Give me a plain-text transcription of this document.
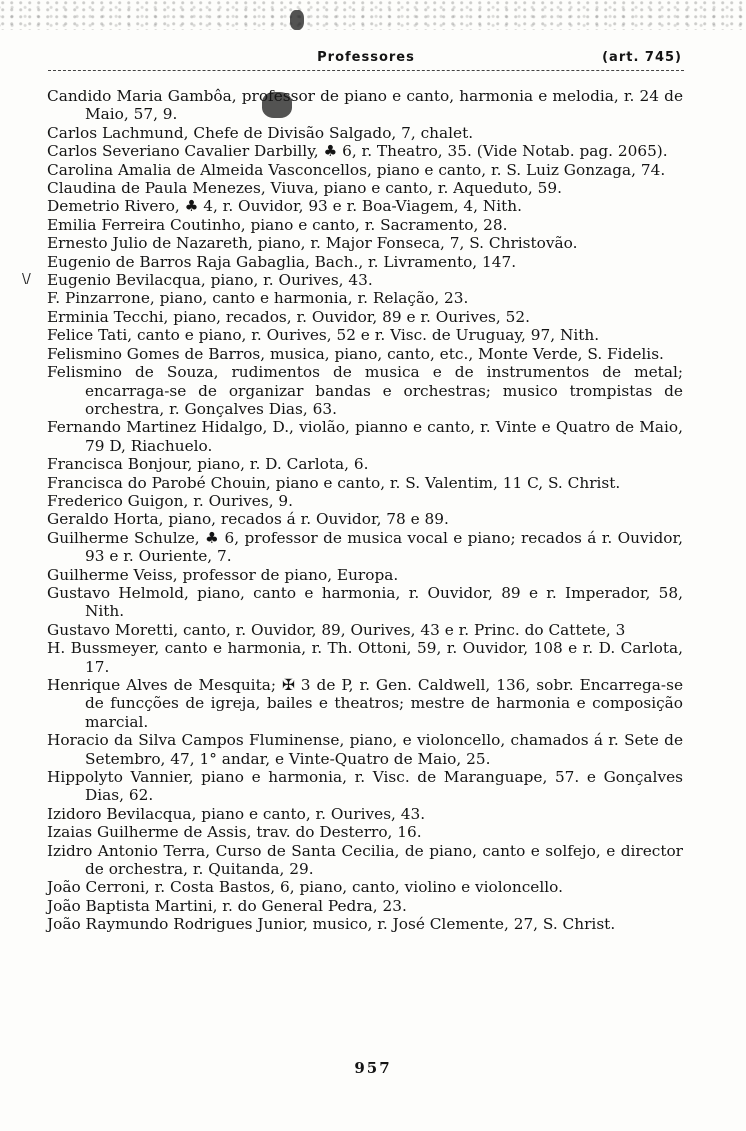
Professores	(art. 745)
\/

Candido Maria Gambôa, professor de piano e canto, harmonia e melodia, r. 24 de Maio, 57, 9.

Carlos Lachmund, Chefe de Divisão Salgado, 7, chalet.

Carlos Severiano Cavalier Darbilly, ♣ 6, r. Theatro, 35. (Vide Notab. pag. 2065).

Carolina Amalia de Almeida Vasconcellos, piano e canto, r. S. Luiz Gonzaga, 74.

Claudina de Paula Menezes, Viuva, piano e canto, r. Aqueduto, 59.

Demetrio Rivero, ♣ 4, r. Ouvidor, 93 e r. Boa-Viagem, 4, Nith.

Emilia Ferreira Coutinho, piano e canto, r. Sacramento, 28.

Ernesto Julio de Nazareth, piano, r. Major Fonseca, 7, S. Christovão.

Eugenio de Barros Raja Gabaglia, Bach., r. Livramento, 147.

Eugenio Bevilacqua, piano, r. Ourives, 43.

F. Pinzarrone, piano, canto e harmonia, r. Relação, 23.

Erminia Tecchi, piano, recados, r. Ouvidor, 89 e r. Ourives, 52.

Felice Tati, canto e piano, r. Ourives, 52 e r. Visc. de Uruguay, 97, Nith.

Felismino Gomes de Barros, musica, piano, canto, etc., Monte Verde, S. Fidelis.

Felismino de Souza, rudimentos de musica e de instrumentos de metal; encarraga-se de organizar bandas e orchestras; musico trompistas de orchestra, r. Gonçalves Dias, 63.

Fernando Martinez Hidalgo, D., violão, pianno e canto, r. Vinte e Quatro de Maio, 79 D, Riachuelo.

Francisca Bonjour, piano, r. D. Carlota, 6.

Francisca do Parobé Chouin, piano e canto, r. S. Valentim, 11 C, S. Christ.

Frederico Guigon, r. Ourives, 9.

Geraldo Horta, piano, recados á r. Ouvidor, 78 e 89.

Guilherme Schulze, ♣ 6, professor de musica vocal e piano; recados á r. Ouvidor, 93 e r. Ouriente, 7.

Guilherme Veiss, professor de piano, Europa.

Gustavo Helmold, piano, canto e harmonia, r. Ouvidor, 89 e r. Imperador, 58, Nith.

Gustavo Moretti, canto, r. Ouvidor, 89, Ourives, 43 e r. Princ. do Cattete, 3

H. Bussmeyer, canto e harmonia, r. Th. Ottoni, 59, r. Ouvidor, 108 e r. D. Carlota, 17.

Henrique Alves de Mesquita; ✠ 3 de P, r. Gen. Caldwell, 136, sobr. Encarrega-se de funcções de igreja, bailes e theatros; mestre de harmonia e composição marcial.

Horacio da Silva Campos Fluminense, piano, e violoncello, chamados á r. Sete de Setembro, 47, 1° andar, e Vinte-Quatro de Maio, 25.

Hippolyto Vannier, piano e harmonia, r. Visc. de Maranguape, 57. e Gonçalves Dias, 62.

Izidoro Bevilacqua, piano e canto, r. Ourives, 43.

Izaias Guilherme de Assis, trav. do Desterro, 16.

Izidro Antonio Terra, Curso de Santa Cecilia, de piano, canto e solfejo, e director de orchestra, r. Quitanda, 29.

João Cerroni, r. Costa Bastos, 6, piano, canto, violino e violoncello.

João Baptista Martini, r. do General Pedra, 23.

João Raymundo Rodrigues Junior, musico, r. José Clemente, 27, S. Christ.

957
